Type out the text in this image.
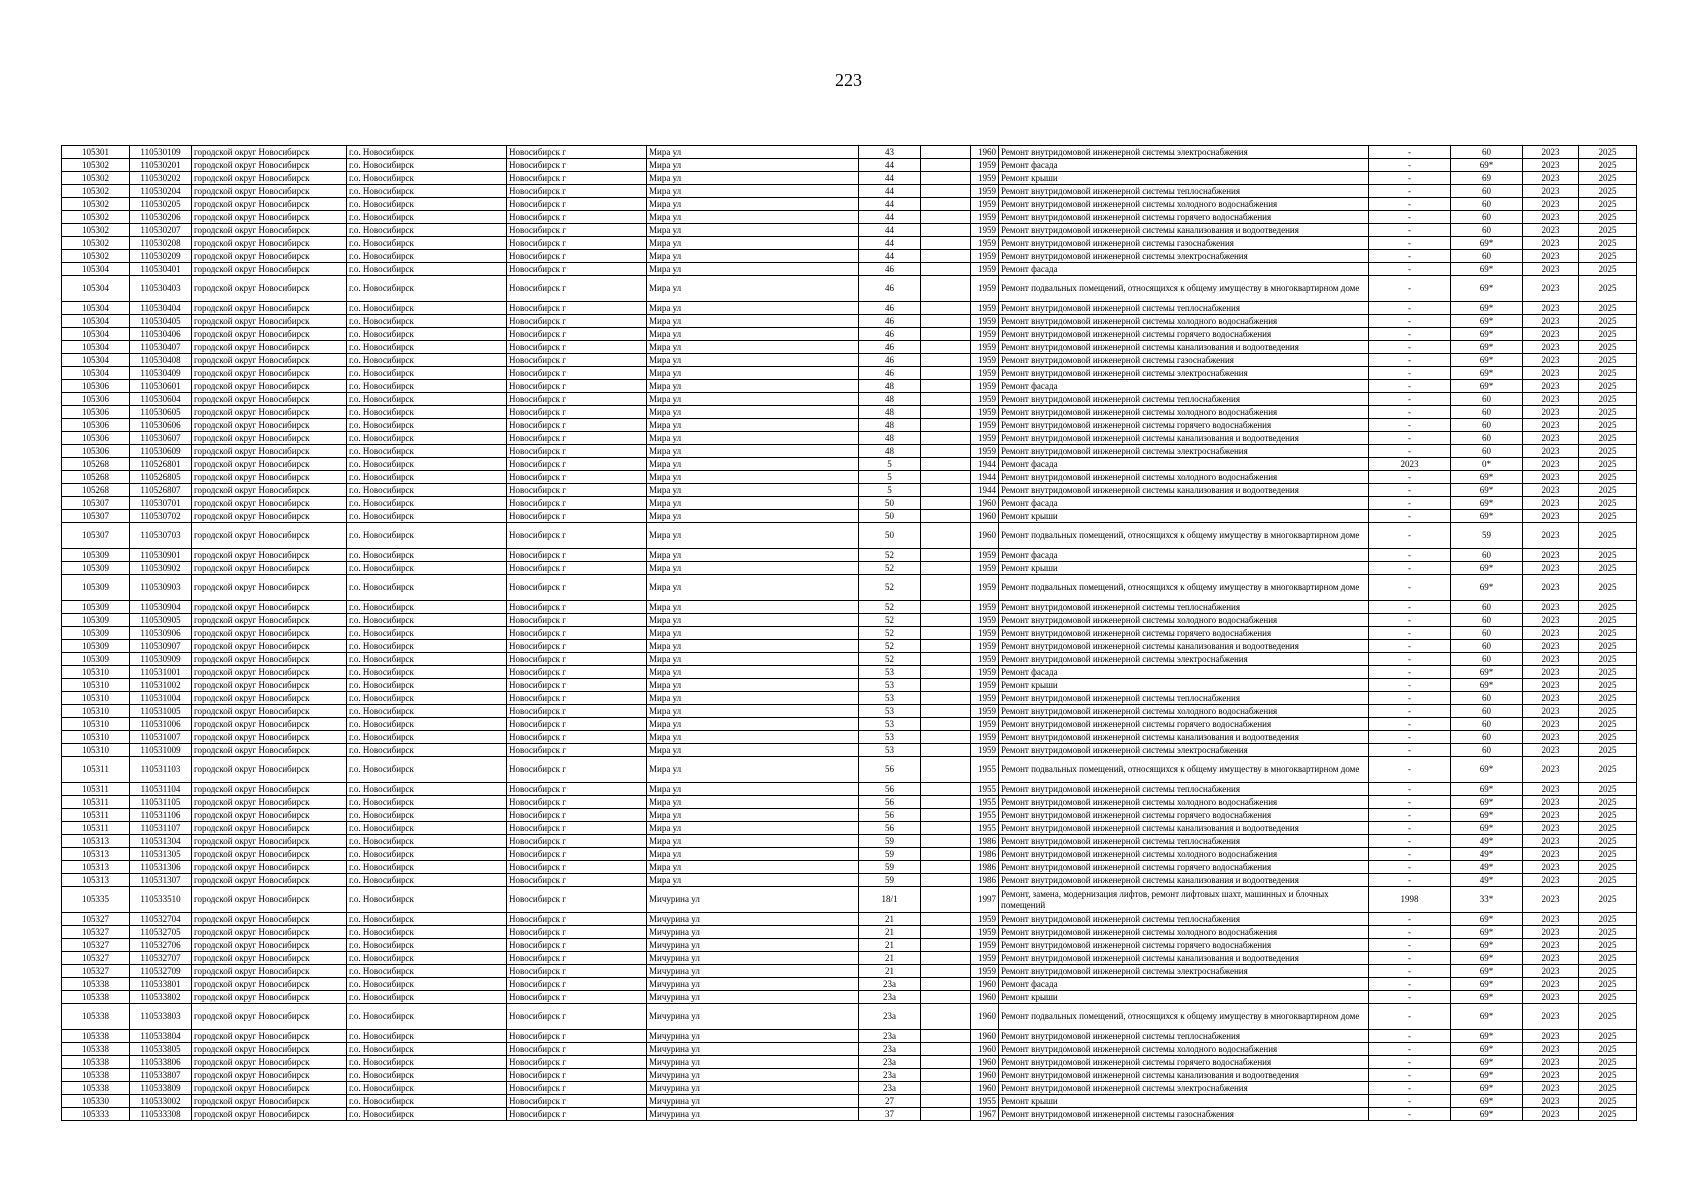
223
105301	110530109	городской округ Новосибирск	г.о. Новосибирск	Новосибирск г	Мира ул	43		1960	Ремонт внутридомовой инженерной системы электроснабжения	-	60	2023	2025
105302	110530201	городской округ Новосибирск	г.о. Новосибирск	Новосибирск г	Мира ул	44		1959	Ремонт фасада	-	69*	2023	2025
105302	110530202	городской округ Новосибирск	г.о. Новосибирск	Новосибирск г	Мира ул	44		1959	Ремонт крыши	-	69	2023	2025
105302	110530204	городской округ Новосибирск	г.о. Новосибирск	Новосибирск г	Мира ул	44		1959	Ремонт внутридомовой инженерной системы теплоснабжения	-	60	2023	2025
105302	110530205	городской округ Новосибирск	г.о. Новосибирск	Новосибирск г	Мира ул	44		1959	Ремонт внутридомовой инженерной системы холодного водоснабжения	-	60	2023	2025
105302	110530206	городской округ Новосибирск	г.о. Новосибирск	Новосибирск г	Мира ул	44		1959	Ремонт внутридомовой инженерной системы горячего водоснабжения	-	60	2023	2025
105302	110530207	городской округ Новосибирск	г.о. Новосибирск	Новосибирск г	Мира ул	44		1959	Ремонт внутридомовой инженерной системы канализования и водоотведения	-	60	2023	2025
105302	110530208	городской округ Новосибирск	г.о. Новосибирск	Новосибирск г	Мира ул	44		1959	Ремонт внутридомовой инженерной системы газоснабжения	-	69*	2023	2025
105302	110530209	городской округ Новосибирск	г.о. Новосибирск	Новосибирск г	Мира ул	44		1959	Ремонт внутридомовой инженерной системы электроснабжения	-	60	2023	2025
105304	110530401	городской округ Новосибирск	г.о. Новосибирск	Новосибирск г	Мира ул	46		1959	Ремонт фасада	-	69*	2023	2025
105304	110530403	городской округ Новосибирск	г.о. Новосибирск	Новосибирск г	Мира ул	46		1959	Ремонт подвальных помещений, относящихся к общему имуществу в многоквартирном доме	-	69*	2023	2025
105304	110530404	городской округ Новосибирск	г.о. Новосибирск	Новосибирск г	Мира ул	46		1959	Ремонт внутридомовой инженерной системы теплоснабжения	-	69*	2023	2025
105304	110530405	городской округ Новосибирск	г.о. Новосибирск	Новосибирск г	Мира ул	46		1959	Ремонт внутридомовой инженерной системы холодного водоснабжения	-	69*	2023	2025
105304	110530406	городской округ Новосибирск	г.о. Новосибирск	Новосибирск г	Мира ул	46		1959	Ремонт внутридомовой инженерной системы горячего водоснабжения	-	69*	2023	2025
105304	110530407	городской округ Новосибирск	г.о. Новосибирск	Новосибирск г	Мира ул	46		1959	Ремонт внутридомовой инженерной системы канализования и водоотведения	-	69*	2023	2025
105304	110530408	городской округ Новосибирск	г.о. Новосибирск	Новосибирск г	Мира ул	46		1959	Ремонт внутридомовой инженерной системы газоснабжения	-	69*	2023	2025
105304	110530409	городской округ Новосибирск	г.о. Новосибирск	Новосибирск г	Мира ул	46		1959	Ремонт внутридомовой инженерной системы электроснабжения	-	69*	2023	2025
105306	110530601	городской округ Новосибирск	г.о. Новосибирск	Новосибирск г	Мира ул	48		1959	Ремонт фасада	-	69*	2023	2025
105306	110530604	городской округ Новосибирск	г.о. Новосибирск	Новосибирск г	Мира ул	48		1959	Ремонт внутридомовой инженерной системы теплоснабжения	-	60	2023	2025
105306	110530605	городской округ Новосибирск	г.о. Новосибирск	Новосибирск г	Мира ул	48		1959	Ремонт внутридомовой инженерной системы холодного водоснабжения	-	60	2023	2025
105306	110530606	городской округ Новосибирск	г.о. Новосибирск	Новосибирск г	Мира ул	48		1959	Ремонт внутридомовой инженерной системы горячего водоснабжения	-	60	2023	2025
105306	110530607	городской округ Новосибирск	г.о. Новосибирск	Новосибирск г	Мира ул	48		1959	Ремонт внутридомовой инженерной системы канализования и водоотведения	-	60	2023	2025
105306	110530609	городской округ Новосибирск	г.о. Новосибирск	Новосибирск г	Мира ул	48		1959	Ремонт внутридомовой инженерной системы электроснабжения	-	60	2023	2025
105268	110526801	городской округ Новосибирск	г.о. Новосибирск	Новосибирск г	Мира ул	5		1944	Ремонт фасада	2023	0*	2023	2025
105268	110526805	городской округ Новосибирск	г.о. Новосибирск	Новосибирск г	Мира ул	5		1944	Ремонт внутридомовой инженерной системы холодного водоснабжения	-	69*	2023	2025
105268	110526807	городской округ Новосибирск	г.о. Новосибирск	Новосибирск г	Мира ул	5		1944	Ремонт внутридомовой инженерной системы канализования и водоотведения	-	69*	2023	2025
105307	110530701	городской округ Новосибирск	г.о. Новосибирск	Новосибирск г	Мира ул	50		1960	Ремонт фасада	-	69*	2023	2025
105307	110530702	городской округ Новосибирск	г.о. Новосибирск	Новосибирск г	Мира ул	50		1960	Ремонт крыши	-	69*	2023	2025
105307	110530703	городской округ Новосибирск	г.о. Новосибирск	Новосибирск г	Мира ул	50		1960	Ремонт подвальных помещений, относящихся к общему имуществу в многоквартирном доме	-	59	2023	2025
105309	110530901	городской округ Новосибирск	г.о. Новосибирск	Новосибирск г	Мира ул	52		1959	Ремонт фасада	-	60	2023	2025
105309	110530902	городской округ Новосибирск	г.о. Новосибирск	Новосибирск г	Мира ул	52		1959	Ремонт крыши	-	69*	2023	2025
105309	110530903	городской округ Новосибирск	г.о. Новосибирск	Новосибирск г	Мира ул	52		1959	Ремонт подвальных помещений, относящихся к общему имуществу в многоквартирном доме	-	69*	2023	2025
105309	110530904	городской округ Новосибирск	г.о. Новосибирск	Новосибирск г	Мира ул	52		1959	Ремонт внутридомовой инженерной системы теплоснабжения	-	60	2023	2025
105309	110530905	городской округ Новосибирск	г.о. Новосибирск	Новосибирск г	Мира ул	52		1959	Ремонт внутридомовой инженерной системы холодного водоснабжения	-	60	2023	2025
105309	110530906	городской округ Новосибирск	г.о. Новосибирск	Новосибирск г	Мира ул	52		1959	Ремонт внутридомовой инженерной системы горячего водоснабжения	-	60	2023	2025
105309	110530907	городской округ Новосибирск	г.о. Новосибирск	Новосибирск г	Мира ул	52		1959	Ремонт внутридомовой инженерной системы канализования и водоотведения	-	60	2023	2025
105309	110530909	городской округ Новосибирск	г.о. Новосибирск	Новосибирск г	Мира ул	52		1959	Ремонт внутридомовой инженерной системы электроснабжения	-	60	2023	2025
105310	110531001	городской округ Новосибирск	г.о. Новосибирск	Новосибирск г	Мира ул	53		1959	Ремонт фасада	-	69*	2023	2025
105310	110531002	городской округ Новосибирск	г.о. Новосибирск	Новосибирск г	Мира ул	53		1959	Ремонт крыши	-	69*	2023	2025
105310	110531004	городской округ Новосибирск	г.о. Новосибирск	Новосибирск г	Мира ул	53		1959	Ремонт внутридомовой инженерной системы теплоснабжения	-	60	2023	2025
105310	110531005	городской округ Новосибирск	г.о. Новосибирск	Новосибирск г	Мира ул	53		1959	Ремонт внутридомовой инженерной системы холодного водоснабжения	-	60	2023	2025
105310	110531006	городской округ Новосибирск	г.о. Новосибирск	Новосибирск г	Мира ул	53		1959	Ремонт внутридомовой инженерной системы горячего водоснабжения	-	60	2023	2025
105310	110531007	городской округ Новосибирск	г.о. Новосибирск	Новосибирск г	Мира ул	53		1959	Ремонт внутридомовой инженерной системы канализования и водоотведения	-	60	2023	2025
105310	110531009	городской округ Новосибирск	г.о. Новосибирск	Новосибирск г	Мира ул	53		1959	Ремонт внутридомовой инженерной системы электроснабжения	-	60	2023	2025
105311	110531103	городской округ Новосибирск	г.о. Новосибирск	Новосибирск г	Мира ул	56		1955	Ремонт подвальных помещений, относящихся к общему имуществу в многоквартирном доме	-	69*	2023	2025
105311	110531104	городской округ Новосибирск	г.о. Новосибирск	Новосибирск г	Мира ул	56		1955	Ремонт внутридомовой инженерной системы теплоснабжения	-	69*	2023	2025
105311	110531105	городской округ Новосибирск	г.о. Новосибирск	Новосибирск г	Мира ул	56		1955	Ремонт внутридомовой инженерной системы холодного водоснабжения	-	69*	2023	2025
105311	110531106	городской округ Новосибирск	г.о. Новосибирск	Новосибирск г	Мира ул	56		1955	Ремонт внутридомовой инженерной системы горячего водоснабжения	-	69*	2023	2025
105311	110531107	городской округ Новосибирск	г.о. Новосибирск	Новосибирск г	Мира ул	56		1955	Ремонт внутридомовой инженерной системы канализования и водоотведения	-	69*	2023	2025
105313	110531304	городской округ Новосибирск	г.о. Новосибирск	Новосибирск г	Мира ул	59		1986	Ремонт внутридомовой инженерной системы теплоснабжения	-	49*	2023	2025
105313	110531305	городской округ Новосибирск	г.о. Новосибирск	Новосибирск г	Мира ул	59		1986	Ремонт внутридомовой инженерной системы холодного водоснабжения	-	49*	2023	2025
105313	110531306	городской округ Новосибирск	г.о. Новосибирск	Новосибирск г	Мира ул	59		1986	Ремонт внутридомовой инженерной системы горячего водоснабжения	-	49*	2023	2025
105313	110531307	городской округ Новосибирск	г.о. Новосибирск	Новосибирск г	Мира ул	59		1986	Ремонт внутридомовой инженерной системы канализования и водоотведения	-	49*	2023	2025
105335	110533510	городской округ Новосибирск	г.о. Новосибирск	Новосибирск г	Мичурина ул	18/1		1997	Ремонт, замена, модернизация лифтов, ремонт лифтовых шахт, машинных и блочных помещений	1998	33*	2023	2025
105327	110532704	городской округ Новосибирск	г.о. Новосибирск	Новосибирск г	Мичурина ул	21		1959	Ремонт внутридомовой инженерной системы теплоснабжения	-	69*	2023	2025
105327	110532705	городской округ Новосибирск	г.о. Новосибирск	Новосибирск г	Мичурина ул	21		1959	Ремонт внутридомовой инженерной системы холодного водоснабжения	-	69*	2023	2025
105327	110532706	городской округ Новосибирск	г.о. Новосибирск	Новосибирск г	Мичурина ул	21		1959	Ремонт внутридомовой инженерной системы горячего водоснабжения	-	69*	2023	2025
105327	110532707	городской округ Новосибирск	г.о. Новосибирск	Новосибирск г	Мичурина ул	21		1959	Ремонт внутридомовой инженерной системы канализования и водоотведения	-	69*	2023	2025
105327	110532709	городской округ Новосибирск	г.о. Новосибирск	Новосибирск г	Мичурина ул	21		1959	Ремонт внутридомовой инженерной системы электроснабжения	-	69*	2023	2025
105338	110533801	городской округ Новосибирск	г.о. Новосибирск	Новосибирск г	Мичурина ул	23а		1960	Ремонт фасада	-	69*	2023	2025
105338	110533802	городской округ Новосибирск	г.о. Новосибирск	Новосибирск г	Мичурина ул	23а		1960	Ремонт крыши	-	69*	2023	2025
105338	110533803	городской округ Новосибирск	г.о. Новосибирск	Новосибирск г	Мичурина ул	23а		1960	Ремонт подвальных помещений, относящихся к общему имуществу в многоквартирном доме	-	69*	2023	2025
105338	110533804	городской округ Новосибирск	г.о. Новосибирск	Новосибирск г	Мичурина ул	23а		1960	Ремонт внутридомовой инженерной системы теплоснабжения	-	69*	2023	2025
105338	110533805	городской округ Новосибирск	г.о. Новосибирск	Новосибирск г	Мичурина ул	23а		1960	Ремонт внутридомовой инженерной системы холодного водоснабжения	-	69*	2023	2025
105338	110533806	городской округ Новосибирск	г.о. Новосибирск	Новосибирск г	Мичурина ул	23а		1960	Ремонт внутридомовой инженерной системы горячего водоснабжения	-	69*	2023	2025
105338	110533807	городской округ Новосибирск	г.о. Новосибирск	Новосибирск г	Мичурина ул	23а		1960	Ремонт внутридомовой инженерной системы канализования и водоотведения	-	69*	2023	2025
105338	110533809	городской округ Новосибирск	г.о. Новосибирск	Новосибирск г	Мичурина ул	23а		1960	Ремонт внутридомовой инженерной системы электроснабжения	-	69*	2023	2025
105330	110533002	городской округ Новосибирск	г.о. Новосибирск	Новосибирск г	Мичурина ул	27		1955	Ремонт крыши	-	69*	2023	2025
105333	110533308	городской округ Новосибирск	г.о. Новосибирск	Новосибирск г	Мичурина ул	37		1967	Ремонт внутридомовой инженерной системы газоснабжения	-	69*	2023	2025
